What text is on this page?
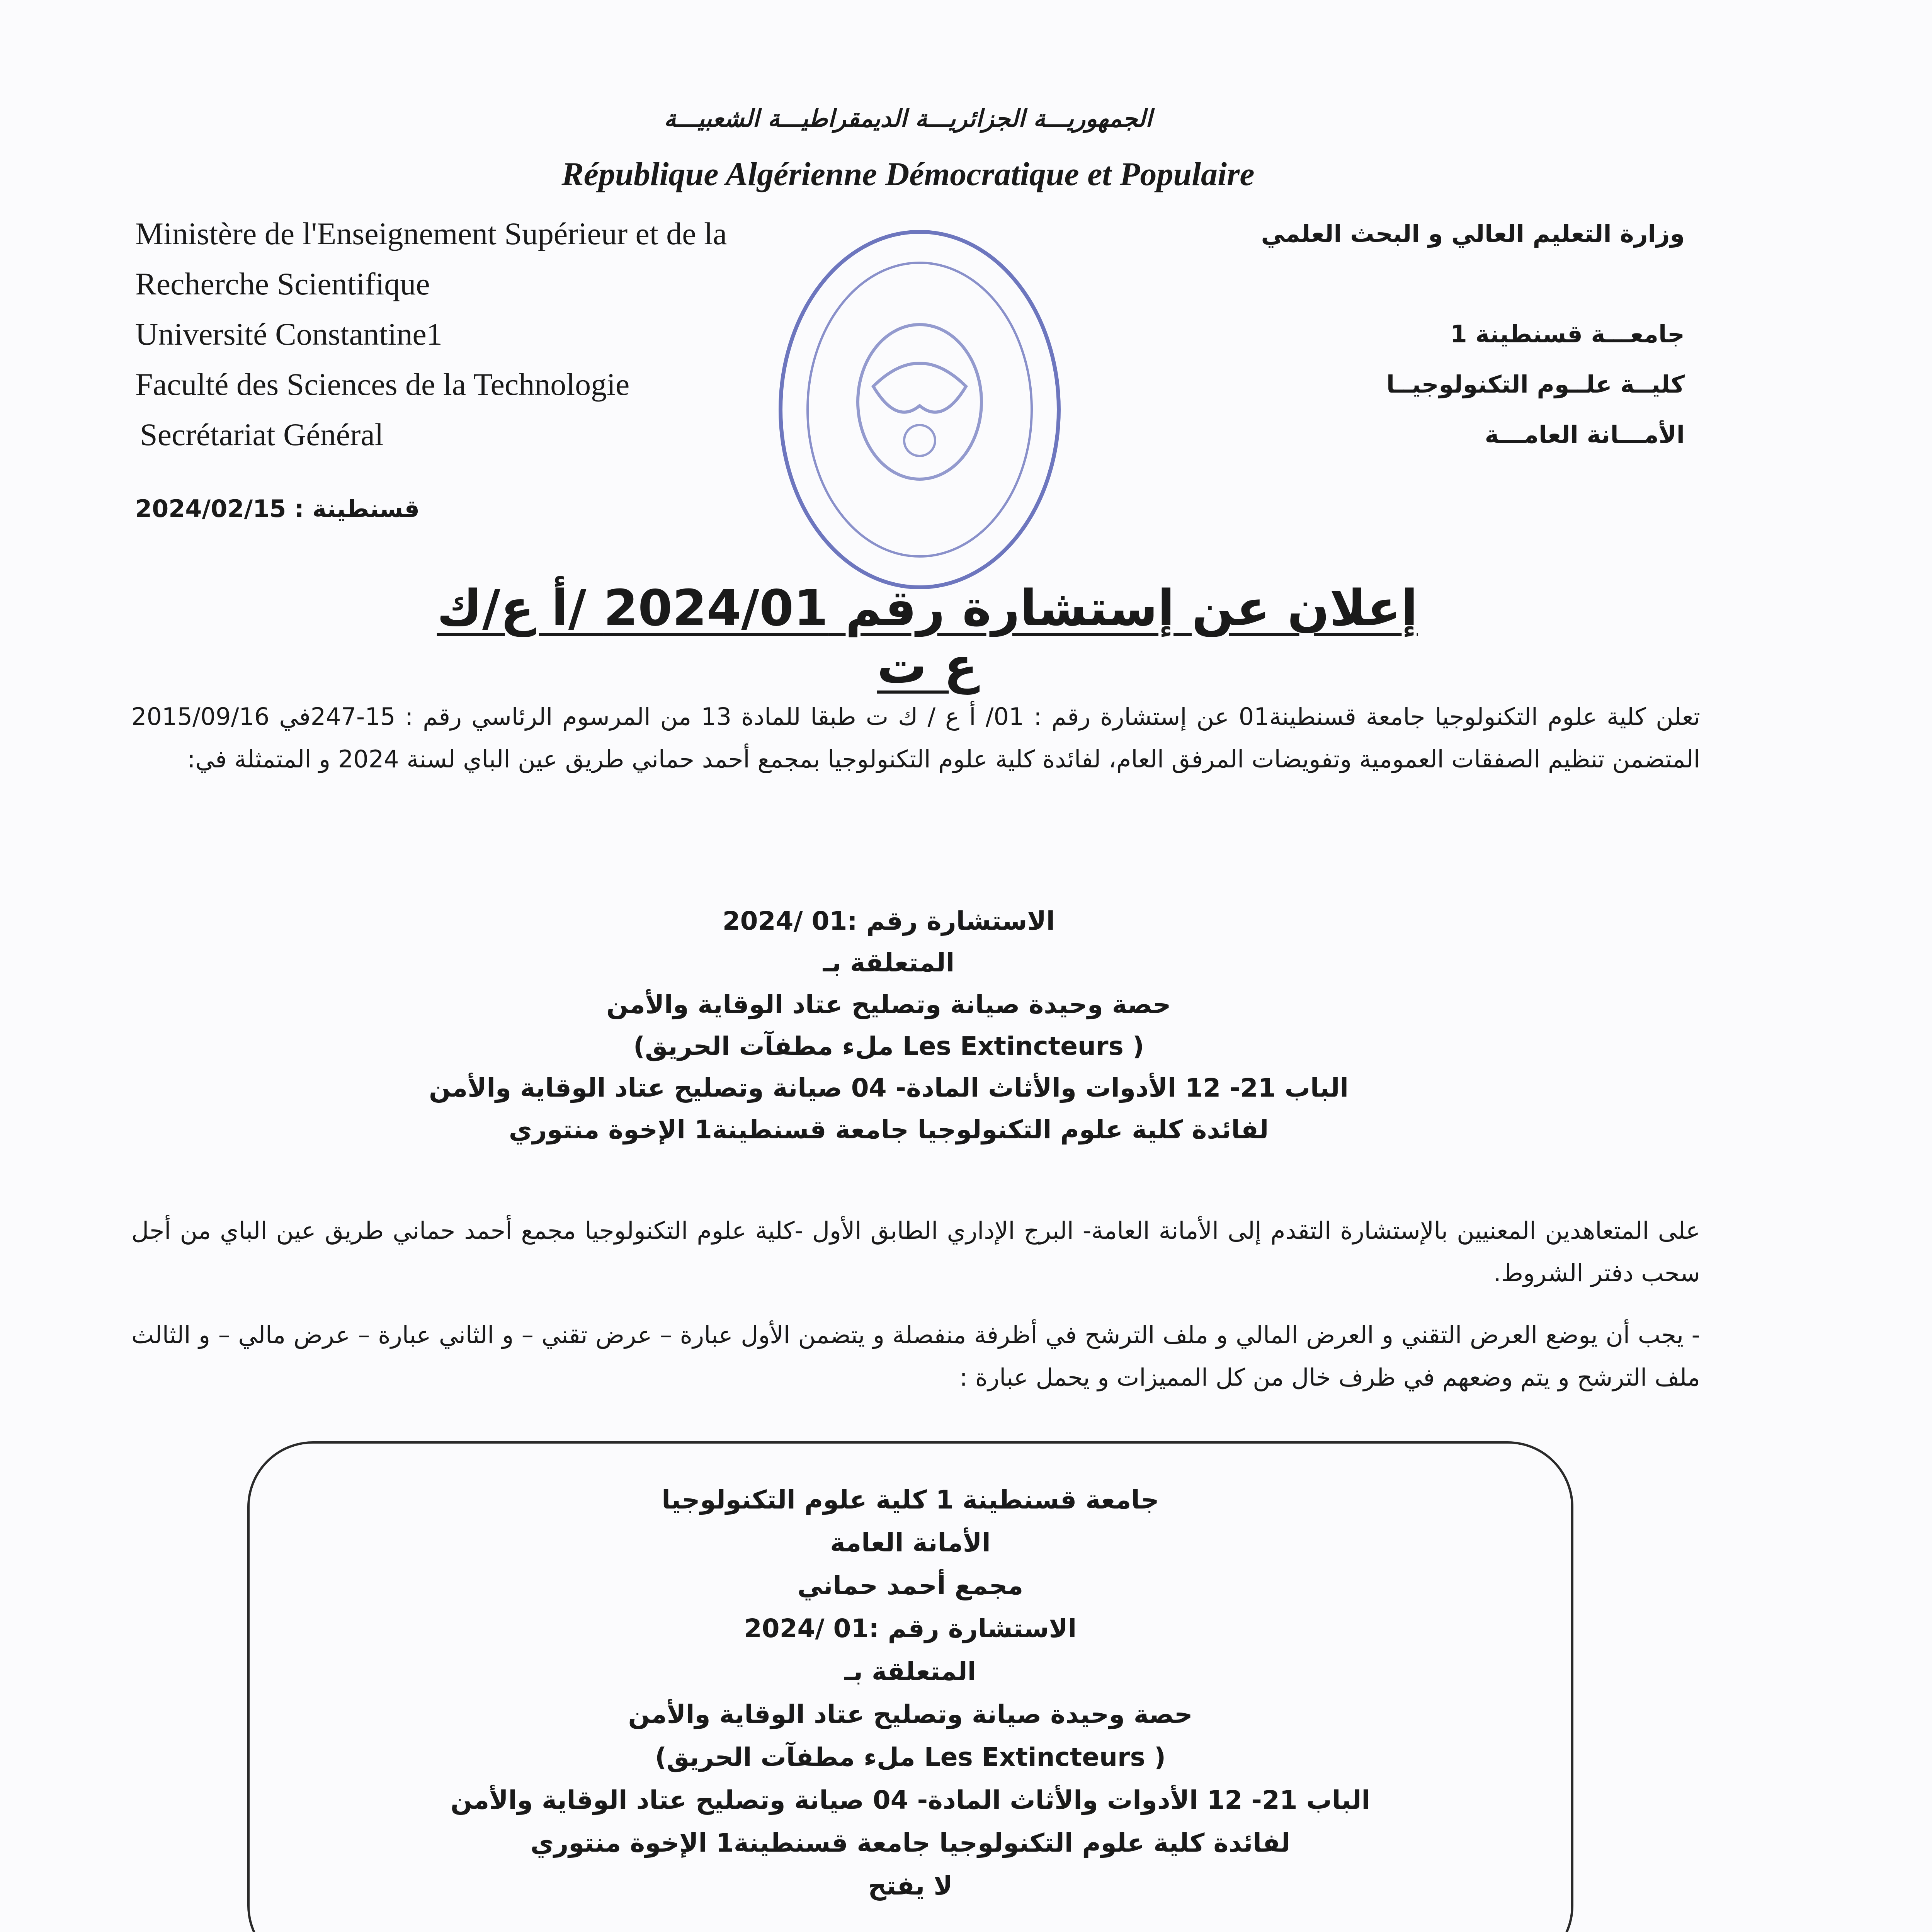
الجمهوريـــة الجزائريـــة الديمقراطيـــة الشعبيـــة
République Algérienne Démocratique et Populaire
Ministère de l'Enseignement Supérieur et de la
Recherche Scientifique
Université Constantine1
Faculté des Sciences de la Technologie
Secrétariat Général
وزارة التعليم العالي و البحث العلمي
جامعـــة قسنطينة 1
كليــة علــوم التكنولوجيــا
الأمـــانة العامـــة
قسنطينة : 2024/02/15
إعلان عن إستشارة رقم 2024/01 /أ ع/ك ع ت
تعلن كلية علوم التكنولوجيا جامعة قسنطينة01 عن إستشارة رقم : 01/ أ ع / ك ت طبقا للمادة 13 من المرسوم الرئاسي رقم : 15-247في 2015/09/16 المتضمن تنظيم الصفقات العمومية وتفويضات المرفق العام، لفائدة كلية علوم التكنولوجيا بمجمع أحمد حماني طريق عين الباي لسنة 2024 و المتمثلة في:
الاستشارة رقم :01 /2024
المتعلقة بـ
حصة وحيدة صيانة وتصليح عتاد الوقاية والأمن
( Les Extincteurs ملء مطفآت الحريق)
الباب 21- 12 الأدوات والأثاث المادة- 04 صيانة وتصليح عتاد الوقاية والأمن
لفائدة كلية علوم التكنولوجيا جامعة قسنطينة1 الإخوة منتوري
على المتعاهدين المعنيين بالإستشارة التقدم إلى الأمانة العامة- البرج الإداري الطابق الأول -كلية علوم التكنولوجيا مجمع أحمد حماني طريق عين الباي من أجل سحب دفتر الشروط.
- يجب أن يوضع العرض التقني و العرض المالي و ملف الترشح في أظرفة منفصلة و يتضمن الأول عبارة – عرض تقني – و الثاني عبارة – عرض مالي – و الثالث ملف الترشح و يتم وضعهم في ظرف خال من كل المميزات و يحمل عبارة :
جامعة قسنطينة 1 كلية علوم التكنولوجيا
الأمانة العامة
مجمع أحمد حماني
الاستشارة رقم :01 /2024
المتعلقة بـ
حصة وحيدة صيانة وتصليح عتاد الوقاية والأمن
( Les Extincteurs ملء مطفآت الحريق)
الباب 21- 12 الأدوات والأثاث المادة- 04 صيانة وتصليح عتاد الوقاية والأمن
لفائدة كلية علوم التكنولوجيا جامعة قسنطينة1 الإخوة منتوري
لا يفتح
